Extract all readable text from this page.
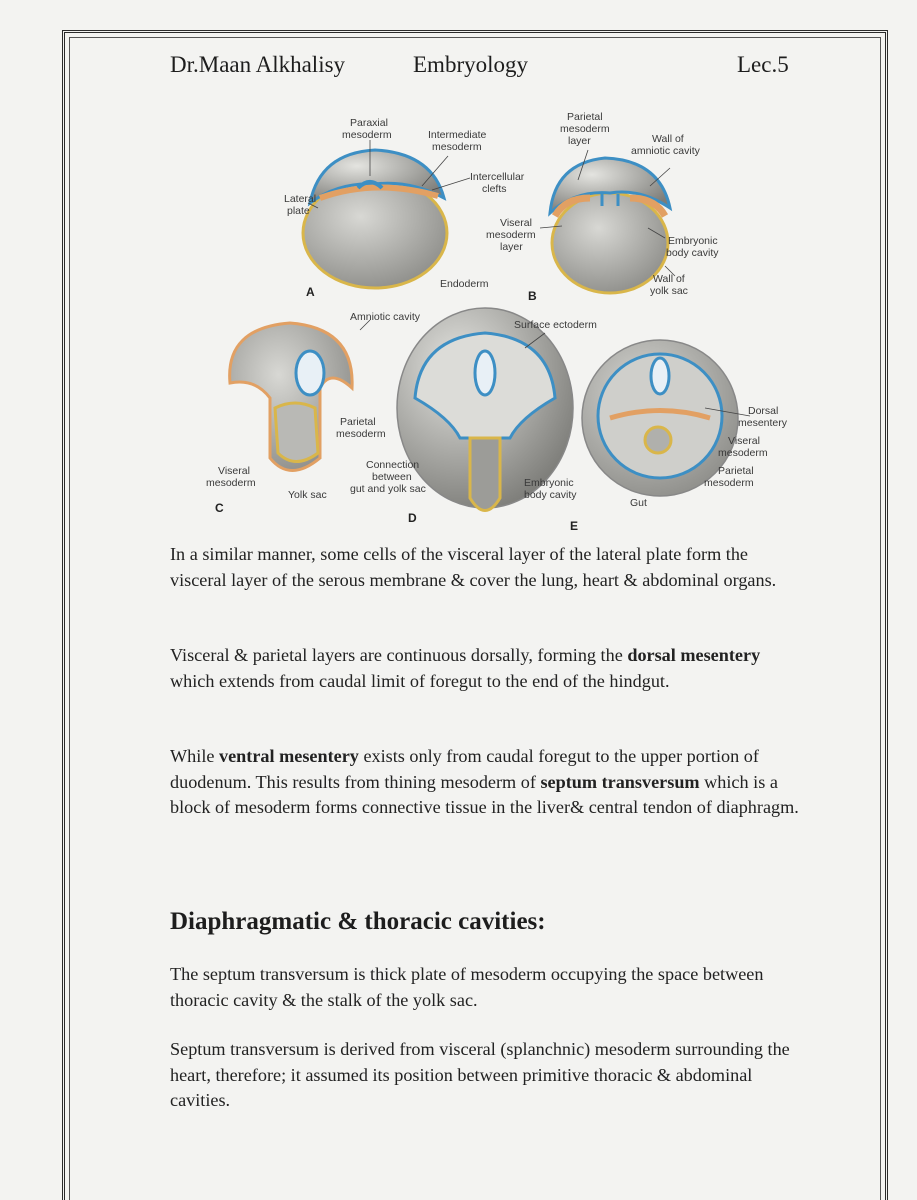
Dr.Maan Alkhalisy	Embryology	Lec.5
Paraxial
mesoderm	Intermediate
mesoderm
Intercellular
clefts
Lateral
plate
Endoderm
A
Parietal
mesoderm
layer	Wall of
amniotic cavity
Viseral
mesoderm
layer	Embryonic
body cavity
Wall of
yolk sac
B
Amniotic cavity
Surface ectoderm
Parietal
mesoderm
Viseral
mesoderm
Yolk sac
Connection
between
gut and yolk sac	Embryonic
body cavity
Gut
Dorsal
mesentery
Viseral
mesoderm
Parietal
mesoderm
C
D
E

In a similar manner, some cells of the visceral layer of the lateral plate form the visceral layer of the serous membrane & cover the lung, heart & abdominal organs.

Visceral & parietal layers are continuous dorsally, forming the dorsal mesentery which extends from caudal limit of foregut to the end of the hindgut.

While ventral mesentery exists only from caudal foregut to the upper portion of duodenum. This results from thining mesoderm of septum transversum which is a block of mesoderm forms connective tissue in the liver& central tendon of diaphragm.

Diaphragmatic & thoracic cavities:

The septum transversum is thick plate of mesoderm occupying the space between thoracic cavity & the stalk of the yolk sac.

Septum transversum is derived from visceral (splanchnic) mesoderm surrounding the heart, therefore; it assumed its position between primitive thoracic & abdominal cavities.
